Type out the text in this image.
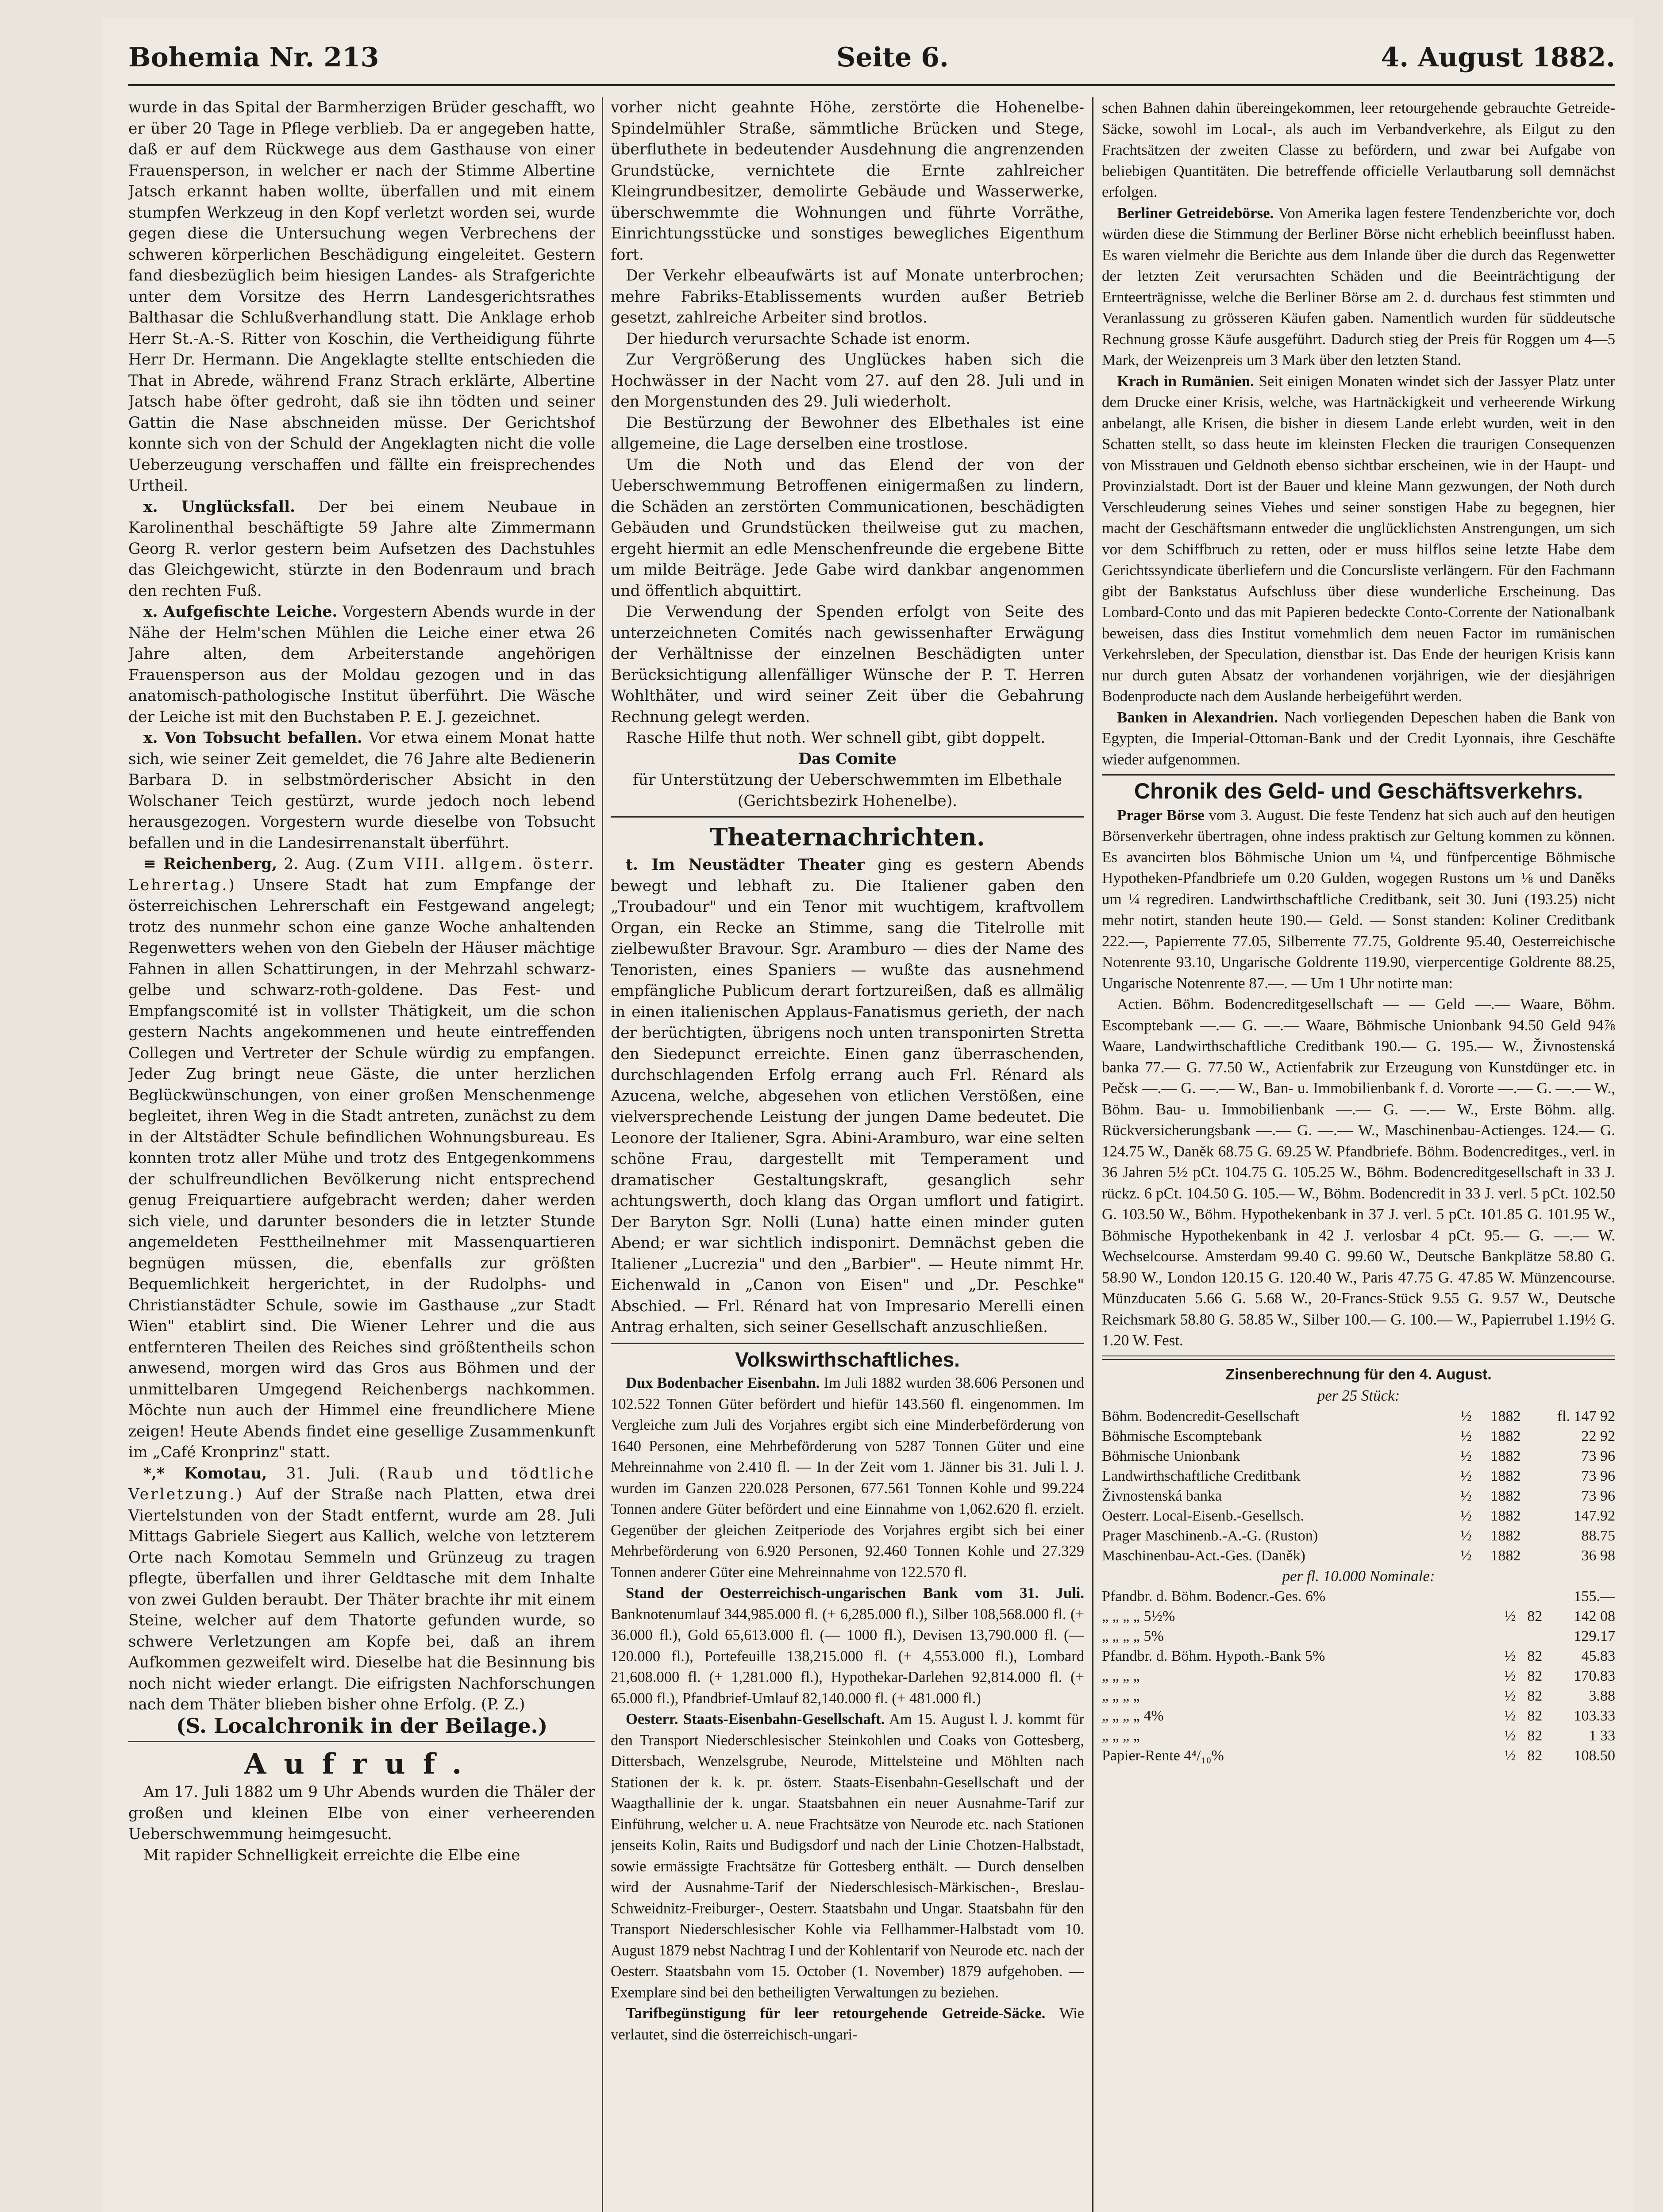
Bohemia Nr. 213	Seite 6.	4. August 1882.

wurde in das Spital der Barmherzigen Brüder geschafft, wo er über 20 Tage in Pflege verblieb. Da er angegeben hatte, daß er auf dem Rückwege aus dem Gasthause von einer Frauensperson, in welcher er nach der Stimme Albertine Jatsch erkannt haben wollte, überfallen und mit einem stumpfen Werkzeug in den Kopf verletzt worden sei, wurde gegen diese die Untersuchung wegen Verbrechens der schweren körperlichen Beschädigung eingeleitet. Gestern fand diesbezüglich beim hiesigen Landes- als Strafgerichte unter dem Vorsitze des Herrn Landesgerichtsrathes Balthasar die Schlußverhandlung statt. Die Anklage erhob Herr St.-A.-S. Ritter von Koschin, die Vertheidigung führte Herr Dr. Hermann. Die Angeklagte stellte entschieden die That in Abrede, während Franz Strach erklärte, Albertine Jatsch habe öfter gedroht, daß sie ihn tödten und seiner Gattin die Nase abschneiden müsse. Der Gerichtshof konnte sich von der Schuld der Angeklagten nicht die volle Ueberzeugung verschaffen und fällte ein freisprechendes Urtheil.

x. Unglücksfall. Der bei einem Neubaue in Karolinenthal beschäftigte 59 Jahre alte Zimmermann Georg R. verlor gestern beim Aufsetzen des Dachstuhles das Gleichgewicht, stürzte in den Bodenraum und brach den rechten Fuß.

x. Aufgefischte Leiche. Vorgestern Abends wurde in der Nähe der Helm'schen Mühlen die Leiche einer etwa 26 Jahre alten, dem Arbeiterstande angehörigen Frauensperson aus der Moldau gezogen und in das anatomisch-pathologische Institut überführt. Die Wäsche der Leiche ist mit den Buchstaben P. E. J. gezeichnet.

x. Von Tobsucht befallen. Vor etwa einem Monat hatte sich, wie seiner Zeit gemeldet, die 76 Jahre alte Bedienerin Barbara D. in selbstmörderischer Absicht in den Wolschaner Teich gestürzt, wurde jedoch noch lebend herausgezogen. Vorgestern wurde dieselbe von Tobsucht befallen und in die Landesirrenanstalt überführt.

≡ Reichenberg, 2. Aug. (Zum VIII. allgem. österr. Lehrertag.) Unsere Stadt hat zum Empfange der österreichischen Lehrerschaft ein Festgewand angelegt; trotz des nunmehr schon eine ganze Woche anhaltenden Regenwetters wehen von den Giebeln der Häuser mächtige Fahnen in allen Schattirungen, in der Mehrzahl schwarz-gelbe und schwarz-roth-goldene. Das Fest- und Empfangscomité ist in vollster Thätigkeit, um die schon gestern Nachts angekommenen und heute eintreffenden Collegen und Vertreter der Schule würdig zu empfangen. Jeder Zug bringt neue Gäste, die unter herzlichen Beglückwünschungen, von einer großen Menschenmenge begleitet, ihren Weg in die Stadt antreten, zunächst zu dem in der Altstädter Schule befindlichen Wohnungsbureau. Es konnten trotz aller Mühe und trotz des Entgegenkommens der schulfreundlichen Bevölkerung nicht entsprechend genug Freiquartiere aufgebracht werden; daher werden sich viele, und darunter besonders die in letzter Stunde angemeldeten Festtheilnehmer mit Massenquartieren begnügen müssen, die, ebenfalls zur größten Bequemlichkeit hergerichtet, in der Rudolphs- und Christianstädter Schule, sowie im Gasthause „zur Stadt Wien" etablirt sind. Die Wiener Lehrer und die aus entfernteren Theilen des Reiches sind größtentheils schon anwesend, morgen wird das Gros aus Böhmen und der unmittelbaren Umgegend Reichenbergs nachkommen. Möchte nun auch der Himmel eine freundlichere Miene zeigen! Heute Abends findet eine gesellige Zusammenkunft im „Café Kronprinz" statt.

*‚* Komotau, 31. Juli. (Raub und tödtliche Verletzung.) Auf der Straße nach Platten, etwa drei Viertelstunden von der Stadt entfernt, wurde am 28. Juli Mittags Gabriele Siegert aus Kallich, welche von letzterem Orte nach Komotau Semmeln und Grünzeug zu tragen pflegte, überfallen und ihrer Geldtasche mit dem Inhalte von zwei Gulden beraubt. Der Thäter brachte ihr mit einem Steine, welcher auf dem Thatorte gefunden wurde, so schwere Verletzungen am Kopfe bei, daß an ihrem Aufkommen gezweifelt wird. Dieselbe hat die Besinnung bis noch nicht wieder erlangt. Die eifrigsten Nachforschungen nach dem Thäter blieben bisher ohne Erfolg. (P. Z.)

(S. Localchronik in der Beilage.)

Aufruf.

Am 17. Juli 1882 um 9 Uhr Abends wurden die Thäler der großen und kleinen Elbe von einer verheerenden Ueberschwemmung heimgesucht.

Mit rapider Schnelligkeit erreichte die Elbe eine

vorher nicht geahnte Höhe, zerstörte die Hohenelbe-Spindelmühler Straße, sämmtliche Brücken und Stege, überfluthete in bedeutender Ausdehnung die angrenzenden Grundstücke, vernichtete die Ernte zahlreicher Kleingrundbesitzer, demolirte Gebäude und Wasserwerke, überschwemmte die Wohnungen und führte Vorräthe, Einrichtungsstücke und sonstiges bewegliches Eigenthum fort.

Der Verkehr elbeaufwärts ist auf Monate unterbrochen; mehre Fabriks-Etablissements wurden außer Betrieb gesetzt, zahlreiche Arbeiter sind brotlos.

Der hiedurch verursachte Schade ist enorm.

Zur Vergrößerung des Unglückes haben sich die Hochwässer in der Nacht vom 27. auf den 28. Juli und in den Morgenstunden des 29. Juli wiederholt.

Die Bestürzung der Bewohner des Elbethales ist eine allgemeine, die Lage derselben eine trostlose.

Um die Noth und das Elend der von der Ueberschwemmung Betroffenen einigermaßen zu lindern, die Schäden an zerstörten Communicationen, beschädigten Gebäuden und Grundstücken theilweise gut zu machen, ergeht hiermit an edle Menschenfreunde die ergebene Bitte um milde Beiträge. Jede Gabe wird dankbar angenommen und öffentlich abquittirt.

Die Verwendung der Spenden erfolgt von Seite des unterzeichneten Comités nach gewissenhafter Erwägung der Verhältnisse der einzelnen Beschädigten unter Berücksichtigung allenfälliger Wünsche der P. T. Herren Wohlthäter, und wird seiner Zeit über die Gebahrung Rechnung gelegt werden.

Rasche Hilfe thut noth. Wer schnell gibt, gibt doppelt.

Das Comite

für Unterstützung der Ueberschwemmten im Elbethale (Gerichtsbezirk Hohenelbe).

Theaternachrichten.

t. Im Neustädter Theater ging es gestern Abends bewegt und lebhaft zu. Die Italiener gaben den „Troubadour" und ein Tenor mit wuchtigem, kraftvollem Organ, ein Recke an Stimme, sang die Titelrolle mit zielbewußter Bravour. Sgr. Aramburo — dies der Name des Tenoristen, eines Spaniers — wußte das ausnehmend empfängliche Publicum derart fortzureißen, daß es allmälig in einen italienischen Applaus-Fanatismus gerieth, der nach der berüchtigten, übrigens noch unten transponirten Stretta den Siedepunct erreichte. Einen ganz überraschenden, durchschlagenden Erfolg errang auch Frl. Rénard als Azucena, welche, abgesehen von etlichen Verstößen, eine vielversprechende Leistung der jungen Dame bedeutet. Die Leonore der Italiener, Sgra. Abini-Aramburo, war eine selten schöne Frau, dargestellt mit Temperament und dramatischer Gestaltungskraft, gesanglich sehr achtungswerth, doch klang das Organ umflort und fatigirt. Der Baryton Sgr. Nolli (Luna) hatte einen minder guten Abend; er war sichtlich indisponirt. Demnächst geben die Italiener „Lucrezia" und den „Barbier". — Heute nimmt Hr. Eichenwald in „Canon von Eisen" und „Dr. Peschke" Abschied. — Frl. Rénard hat von Impresario Merelli einen Antrag erhalten, sich seiner Gesellschaft anzuschließen.

Volkswirthschaftliches.

Dux Bodenbacher Eisenbahn. Im Juli 1882 wurden 38.606 Personen und 102.522 Tonnen Güter befördert und hiefür 143.560 fl. eingenommen. Im Vergleiche zum Juli des Vorjahres ergibt sich eine Minderbeförderung von 1640 Personen, eine Mehrbeförderung von 5287 Tonnen Güter und eine Mehreinnahme von 2.410 fl. — In der Zeit vom 1. Jänner bis 31. Juli l. J. wurden im Ganzen 220.028 Personen, 677.561 Tonnen Kohle und 99.224 Tonnen andere Güter befördert und eine Einnahme von 1,062.620 fl. erzielt. Gegenüber der gleichen Zeitperiode des Vorjahres ergibt sich bei einer Mehrbeförderung von 6.920 Personen, 92.460 Tonnen Kohle und 27.329 Tonnen anderer Güter eine Mehreinnahme von 122.570 fl.

Stand der Oesterreichisch-ungarischen Bank vom 31. Juli. Banknotenumlauf 344,985.000 fl. (+ 6,285.000 fl.), Silber 108,568.000 fl. (+ 36.000 fl.), Gold 65,613.000 fl. (— 1000 fl.), Devisen 13,790.000 fl. (— 120.000 fl.), Portefeuille 138,215.000 fl. (+ 4,553.000 fl.), Lombard 21,608.000 fl. (+ 1,281.000 fl.), Hypothekar-Darlehen 92,814.000 fl. (+ 65.000 fl.), Pfandbrief-Umlauf 82,140.000 fl. (+ 481.000 fl.)

Oesterr. Staats-Eisenbahn-Gesellschaft. Am 15. August l. J. kommt für den Transport Niederschlesischer Steinkohlen und Coaks von Gottesberg, Dittersbach, Wenzelsgrube, Neurode, Mittelsteine und Möhlten nach Stationen der k. k. pr. österr. Staats-Eisenbahn-Gesellschaft und der Waagthallinie der k. ungar. Staatsbahnen ein neuer Ausnahme-Tarif zur Einführung, welcher u. A. neue Frachtsätze von Neurode etc. nach Stationen jenseits Kolin, Raits und Budigsdorf und nach der Linie Chotzen-Halbstadt, sowie ermässigte Frachtsätze für Gottesberg enthält. — Durch denselben wird der Ausnahme-Tarif der Niederschlesisch-Märkischen-, Breslau-Schweidnitz-Freiburger-, Oesterr. Staatsbahn und Ungar. Staatsbahn für den Transport Niederschlesischer Kohle via Fellhammer-Halbstadt vom 10. August 1879 nebst Nachtrag I und der Kohlentarif von Neurode etc. nach der Oesterr. Staatsbahn vom 15. October (1. November) 1879 aufgehoben. — Exemplare sind bei den betheiligten Verwaltungen zu beziehen.

Tarifbegünstigung für leer retourgehende Getreide-Säcke. Wie verlautet, sind die österreichisch-ungari-

schen Bahnen dahin übereingekommen, leer retourgehende gebrauchte Getreide-Säcke, sowohl im Local-, als auch im Verbandverkehre, als Eilgut zu den Frachtsätzen der zweiten Classe zu befördern, und zwar bei Aufgabe von beliebigen Quantitäten. Die betreffende officielle Verlautbarung soll demnächst erfolgen.

Berliner Getreidebörse. Von Amerika lagen festere Tendenzberichte vor, doch würden diese die Stimmung der Berliner Börse nicht erheblich beeinflusst haben. Es waren vielmehr die Berichte aus dem Inlande über die durch das Regenwetter der letzten Zeit verursachten Schäden und die Beeinträchtigung der Ernteerträgnisse, welche die Berliner Börse am 2. d. durchaus fest stimmten und Veranlassung zu grösseren Käufen gaben. Namentlich wurden für süddeutsche Rechnung grosse Käufe ausgeführt. Dadurch stieg der Preis für Roggen um 4—5 Mark, der Weizenpreis um 3 Mark über den letzten Stand.

Krach in Rumänien. Seit einigen Monaten windet sich der Jassyer Platz unter dem Drucke einer Krisis, welche, was Hartnäckigkeit und verheerende Wirkung anbelangt, alle Krisen, die bisher in diesem Lande erlebt wurden, weit in den Schatten stellt, so dass heute im kleinsten Flecken die traurigen Consequenzen von Misstrauen und Geldnoth ebenso sichtbar erscheinen, wie in der Haupt- und Provinzialstadt. Dort ist der Bauer und kleine Mann gezwungen, der Noth durch Verschleuderung seines Viehes und seiner sonstigen Habe zu begegnen, hier macht der Geschäftsmann entweder die unglücklichsten Anstrengungen, um sich vor dem Schiffbruch zu retten, oder er muss hilflos seine letzte Habe dem Gerichtssyndicate überliefern und die Concursliste verlängern. Für den Fachmann gibt der Bankstatus Aufschluss über diese wunderliche Erscheinung. Das Lombard-Conto und das mit Papieren bedeckte Conto-Corrente der Nationalbank beweisen, dass dies Institut vornehmlich dem neuen Factor im rumänischen Verkehrsleben, der Speculation, dienstbar ist. Das Ende der heurigen Krisis kann nur durch guten Absatz der vorhandenen vorjährigen, wie der diesjährigen Bodenproducte nach dem Auslande herbeigeführt werden.

Banken in Alexandrien. Nach vorliegenden Depeschen haben die Bank von Egypten, die Imperial-Ottoman-Bank und der Credit Lyonnais, ihre Geschäfte wieder aufgenommen.

Chronik des Geld- und Geschäftsverkehrs.

Prager Börse vom 3. August. Die feste Tendenz hat sich auch auf den heutigen Börsenverkehr übertragen, ohne indess praktisch zur Geltung kommen zu können. Es avancirten blos Böhmische Union um ¼, und fünfpercentige Böhmische Hypotheken-Pfandbriefe um 0.20 Gulden, wogegen Rustons um ⅛ und Daněks um ¼ regrediren. Landwirthschaftliche Creditbank, seit 30. Juni (193.25) nicht mehr notirt, standen heute 190.— Geld. — Sonst standen: Koliner Creditbank 222.—, Papierrente 77.05, Silberrente 77.75, Goldrente 95.40, Oesterreichische Notenrente 93.10, Ungarische Goldrente 119.90, vierpercentige Goldrente 88.25, Ungarische Notenrente 87.—. — Um 1 Uhr notirte man:

Actien. Böhm. Bodencreditgesellschaft — — Geld —.— Waare, Böhm. Escomptebank —.— G. —.— Waare, Böhmische Unionbank 94.50 Geld 94⅞ Waare, Landwirthschaftliche Creditbank 190.— G. 195.— W., Živnostenská banka 77.— G. 77.50 W., Actienfabrik zur Erzeugung von Kunstdünger etc. in Pečsk —.— G. —.— W., Ban- u. Immobilienbank f. d. Vororte —.— G. —.— W., Böhm. Bau- u. Immobilienbank —.— G. —.— W., Erste Böhm. allg. Rückversicherungsbank —.— G. —.— W., Maschinenbau-Actienges. 124.— G. 124.75 W., Daněk 68.75 G. 69.25 W. Pfandbriefe. Böhm. Bodencreditges., verl. in 36 Jahren 5½ pCt. 104.75 G. 105.25 W., Böhm. Bodencreditgesellschaft in 33 J. rückz. 6 pCt. 104.50 G. 105.— W., Böhm. Bodencredit in 33 J. verl. 5 pCt. 102.50 G. 103.50 W., Böhm. Hypothekenbank in 37 J. verl. 5 pCt. 101.85 G. 101.95 W., Böhmische Hypothekenbank in 42 J. verlosbar 4 pCt. 95.— G. —.— W. Wechselcourse. Amsterdam 99.40 G. 99.60 W., Deutsche Bankplätze 58.80 G. 58.90 W., London 120.15 G. 120.40 W., Paris 47.75 G. 47.85 W. Münzencourse. Münzducaten 5.66 G. 5.68 W., 20-Francs-Stück 9.55 G. 9.57 W., Deutsche Reichsmark 58.80 G. 58.85 W., Silber 100.— G. 100.— W., Papierrubel 1.19½ G. 1.20 W. Fest.

Zinsenberechnung für den 4. August.

per 25 Stück:

Böhm. Bodencredit-Gesellschaft	½	1882	fl. 147 92
Böhmische Escomptebank	½	1882	22 92
Böhmische Unionbank	½	1882	73 96
Landwirthschaftliche Creditbank	½	1882	73 96
Živnostenská banka	½	1882	73 96
Oesterr. Local-Eisenb.-Gesellsch.	½	1882	147.92
Prager Maschinenb.-A.-G. (Ruston)	½	1882	88.75
Maschinenbau-Act.-Ges. (Daněk)	½	1882	36 98

per fl. 10.000 Nominale:

Pfandbr. d. Böhm. Bodencr.-Ges. 6%			155.—
„ „ „ „ 5½%	½	82	142 08
„ „ „ „ 5%			129.17
Pfandbr. d. Böhm. Hypoth.-Bank 5%	½	82	45.83
„ „ „ „	½	82	170.83
„ „ „ „	½	82	3.88
„ „ „ „ 4%	½	82	103.33
„ „ „ „	½	82	1 33
Papier-Rente 4⁴/₁₀%	½	82	108.50
